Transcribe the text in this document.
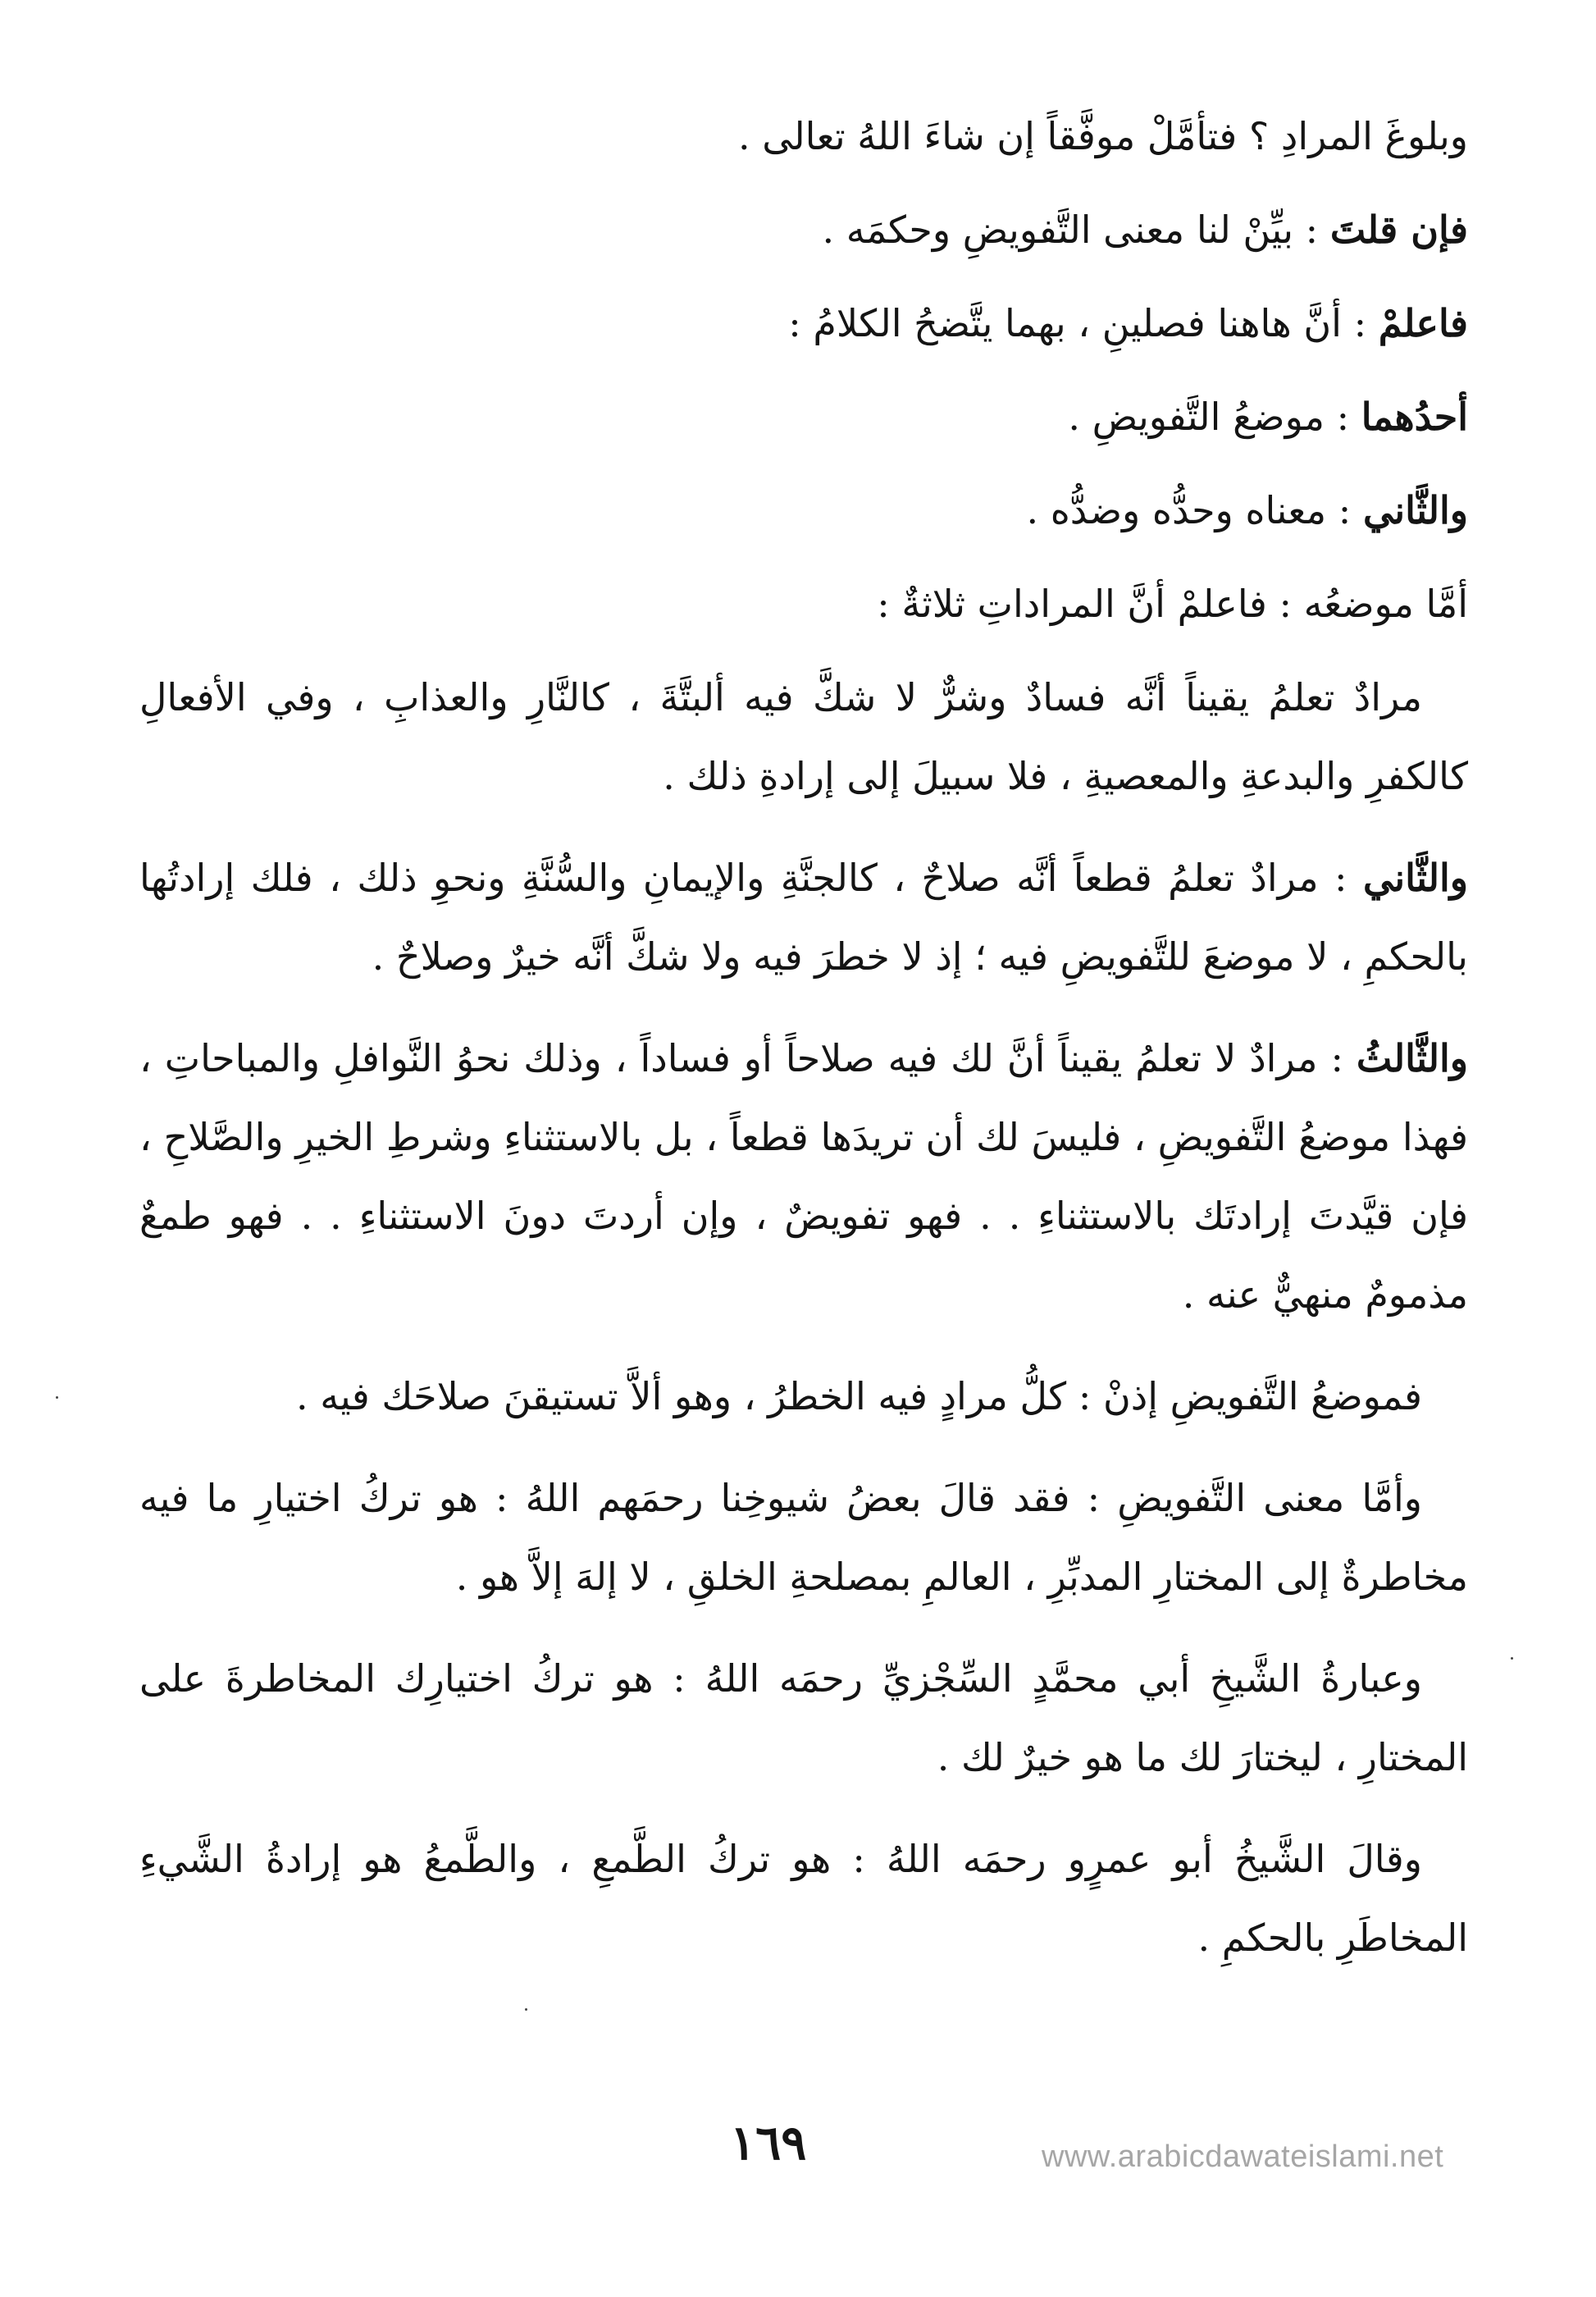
وبلوغَ المرادِ ؟ فتأمَّلْ موفَّقاً إن شاءَ اللهُ تعالى .

فإن قلتَ : بيِّنْ لنا معنى التَّفويضِ وحكمَه .

فاعلمْ : أنَّ هاهنا فصلينِ ، بهما يتَّضحُ الكلامُ :

أحدُهما : موضعُ التَّفويضِ .

والثَّاني : معناه وحدُّه وضدُّه .

أمَّا موضعُه : فاعلمْ أنَّ المراداتِ ثلاثةٌ :

مرادٌ تعلمُ يقيناً أنَّه فسادٌ وشرٌّ لا شكَّ فيه ألبتَّةَ ، كالنَّارِ والعذابِ ، وفي الأفعالِ كالكفرِ والبدعةِ والمعصيةِ ، فلا سبيلَ إلى إرادةِ ذلك .

والثَّاني : مرادٌ تعلمُ قطعاً أنَّه صلاحٌ ، كالجنَّةِ والإيمانِ والسُّنَّةِ ونحوِ ذلك ، فلك إرادتُها بالحكمِ ، لا موضعَ للتَّفويضِ فيه ؛ إذ لا خطرَ فيه ولا شكَّ أنَّه خيرٌ وصلاحٌ .

والثَّالثُ : مرادٌ لا تعلمُ يقيناً أنَّ لك فيه صلاحاً أو فساداً ، وذلك نحوُ النَّوافلِ والمباحاتِ ، فهذا موضعُ التَّفويضِ ، فليسَ لك أن تريدَها قطعاً ، بل بالاستثناءِ وشرطِ الخيرِ والصَّلاحِ ، فإن قيَّدتَ إرادتَك بالاستثناءِ . . فهو تفويضٌ ، وإن أردتَ دونَ الاستثناءِ . . فهو طمعٌ مذمومٌ منهيٌّ عنه .

فموضعُ التَّفويضِ إذنْ : كلُّ مرادٍ فيه الخطرُ ، وهو ألاَّ تستيقنَ صلاحَك فيه .

وأمَّا معنى التَّفويضِ : فقد قالَ بعضُ شيوخِنا رحمَهم اللهُ : هو تركُ اختيارِ ما فيه مخاطرةٌ إلى المختارِ المدبِّرِ ، العالمِ بمصلحةِ الخلقِ ، لا إلهَ إلاَّ هو .

وعبارةُ الشَّيخِ أبي محمَّدٍ السِّجْزيِّ رحمَه اللهُ : هو تركُ اختيارِك المخاطرةَ على المختارِ ، ليختارَ لك ما هو خيرٌ لك .

وقالَ الشَّيخُ أبو عمرٍو رحمَه اللهُ : هو تركُ الطَّمعِ ، والطَّمعُ هو إرادةُ الشَّيءِ المخاطَرِ بالحكمِ .

١٦٩	www.arabicdawateislami.net
